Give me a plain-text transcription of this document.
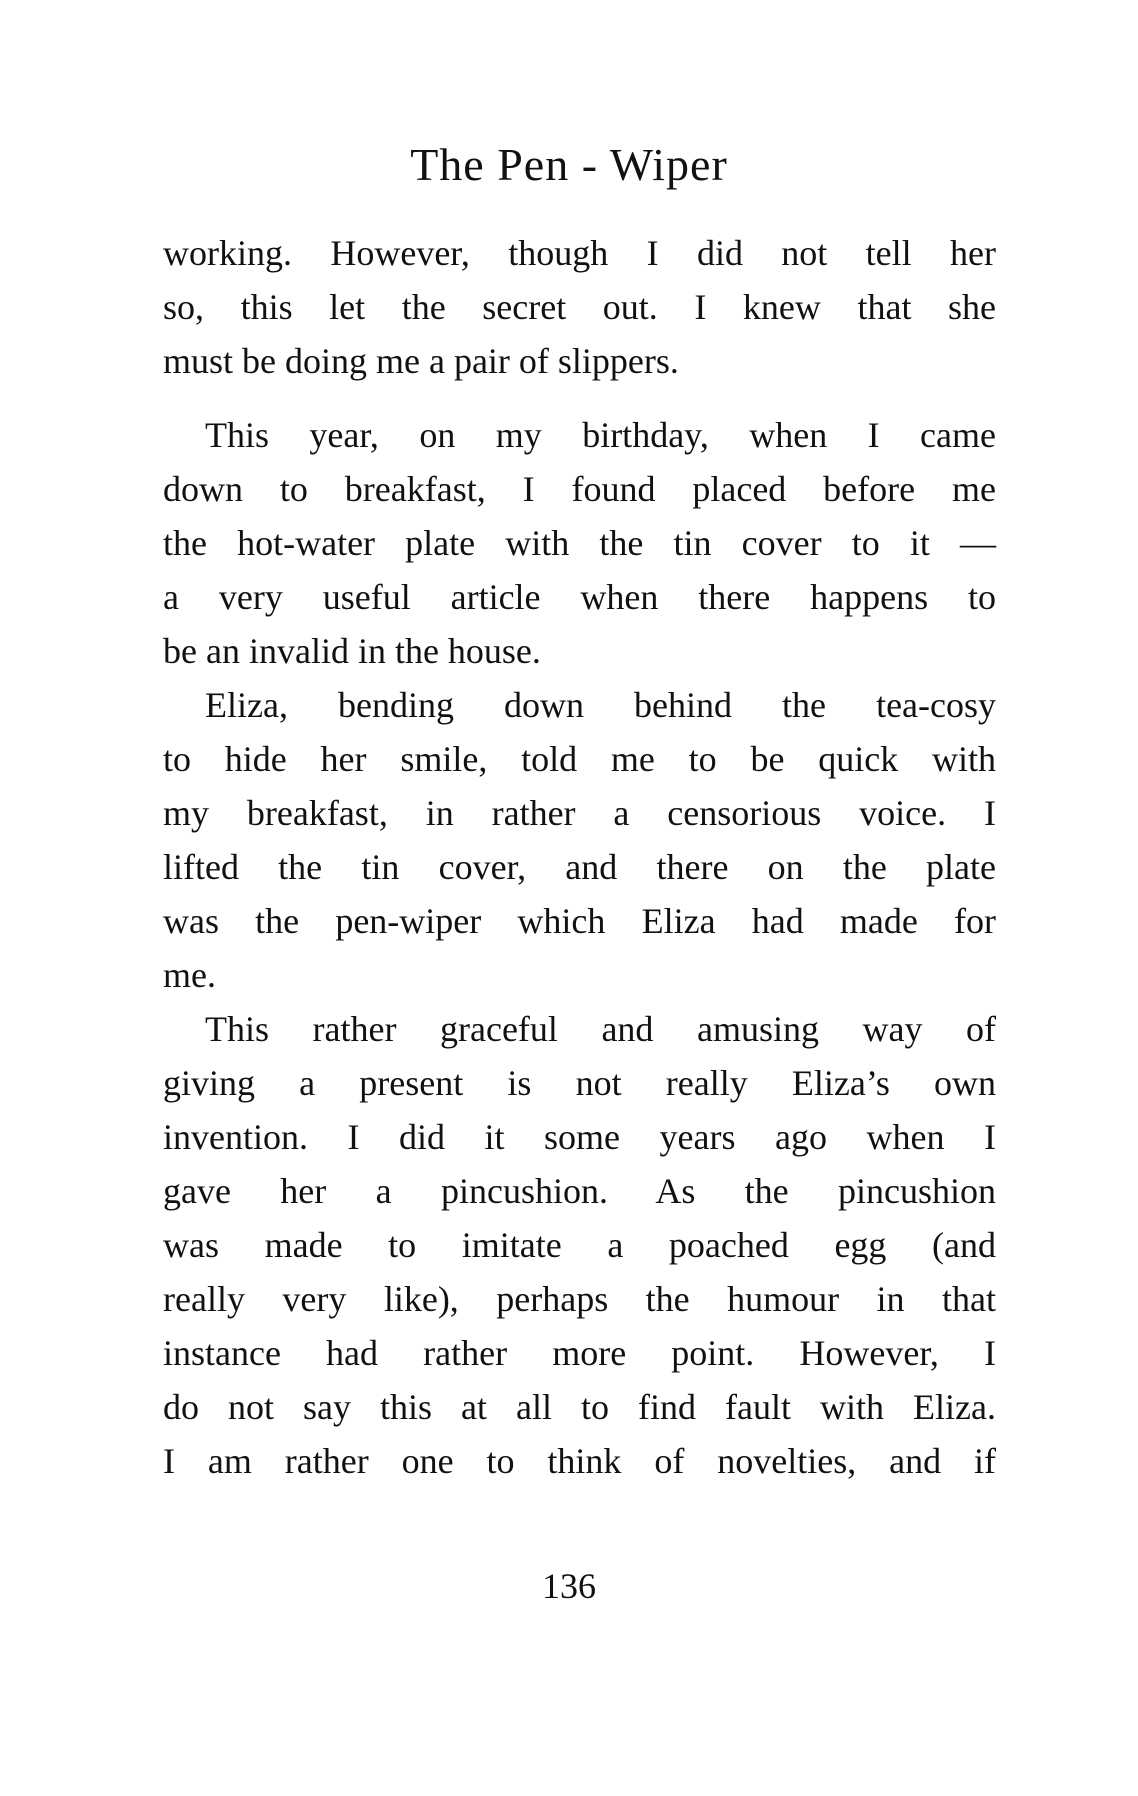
The Pen - Wiper
working. However, though I did not tell her
so, this let the secret out. I knew that she
must be doing me a pair of slippers.
This year, on my birthday, when I came
down to breakfast, I found placed before me
the hot-water plate with the tin cover to it —
a very useful article when there happens to
be an invalid in the house.
Eliza, bending down behind the tea-cosy
to hide her smile, told me to be quick with
my breakfast, in rather a censorious voice. I
lifted the tin cover, and there on the plate
was the pen-wiper which Eliza had made for
me.
This rather graceful and amusing way of
giving a present is not really Eliza’s own
invention. I did it some years ago when I
gave her a pincushion. As the pincushion
was made to imitate a poached egg (and
really very like), perhaps the humour in that
instance had rather more point. However, I
do not say this at all to find fault with Eliza.
I am rather one to think of novelties, and if
136
